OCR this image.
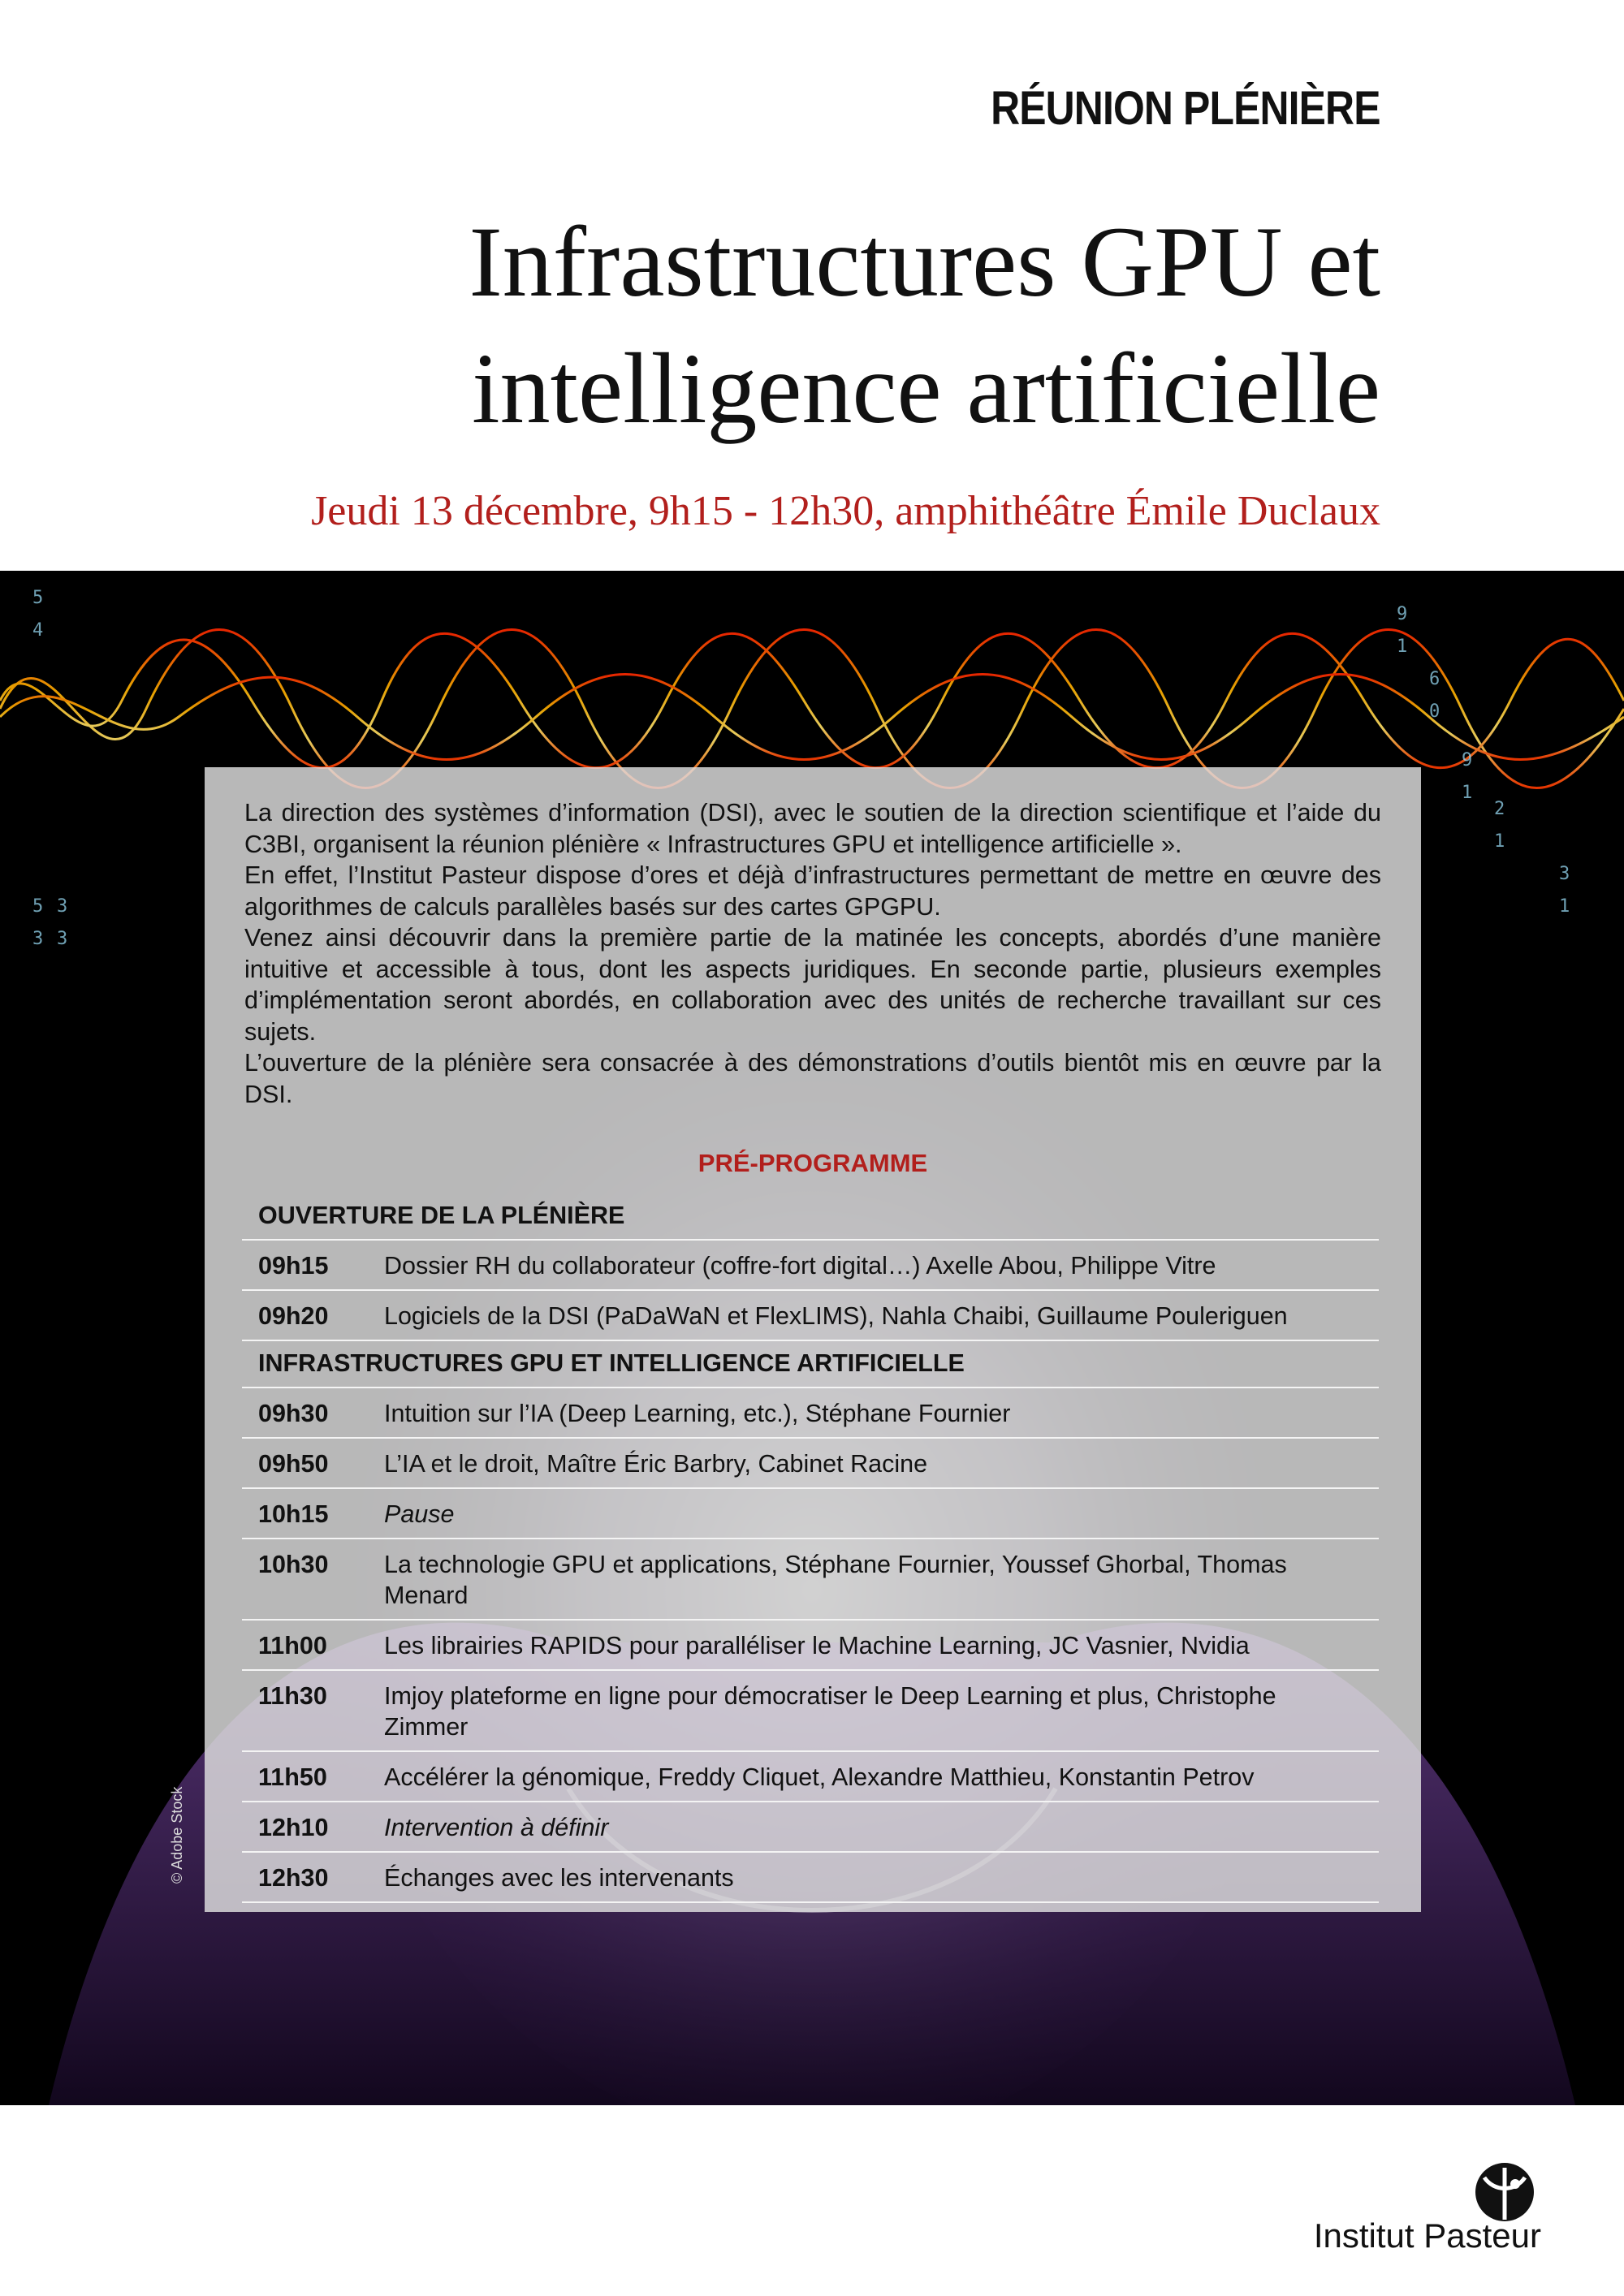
RÉUNION PLÉNIÈRE
Infrastructures GPU et
intelligence artificielle
Jeudi 13 décembre, 9h15 - 12h30, amphithéâtre Émile Duclaux
5
4
5
3
3
3
9
1
6
0
9
1
2
1
3
1
© Adobe Stock

La direction des systèmes d’information (DSI), avec le soutien de la direction scientifique et l’aide du C3BI, organisent la réunion plénière « Infrastructures GPU et intelligence artificielle ».

En effet, l’Institut Pasteur dispose d’ores et déjà d’infrastructures permettant de mettre en œuvre des algorithmes de calculs parallèles basés sur des cartes GPGPU.

Venez ainsi découvrir dans la première partie de la matinée les concepts, abordés d’une manière intuitive et accessible à tous, dont les aspects juridiques. En seconde partie, plusieurs exemples d’implémentation seront abordés, en collaboration avec des unités de recherche travaillant sur ces sujets.

L’ouverture de la plénière sera consacrée à des démonstrations d’outils bientôt mis en œuvre par la DSI.

PRÉ-PROGRAMME
OUVERTURE DE LA PLÉNIÈRE
09h15	Dossier RH du collaborateur (coffre-fort digital…) Axelle Abou, Philippe Vitre
09h20	Logiciels de la DSI (PaDaWaN et FlexLIMS), Nahla Chaibi, Guillaume Pouleriguen
INFRASTRUCTURES GPU ET INTELLIGENCE ARTIFICIELLE
09h30	Intuition sur l’IA (Deep Learning, etc.), Stéphane Fournier
09h50	L’IA et le droit, Maître Éric Barbry, Cabinet Racine
10h15	Pause
10h30	La technologie GPU et applications, Stéphane Fournier, Youssef Ghorbal, Thomas Menard
11h00	Les librairies RAPIDS pour paralléliser le Machine Learning, JC Vasnier, Nvidia
11h30	Imjoy plateforme en ligne pour démocratiser le Deep Learning et plus, Christophe Zimmer
11h50	Accélérer la génomique, Freddy Cliquet, Alexandre Matthieu, Konstantin Petrov
12h10	Intervention à définir
12h30	Échanges avec les intervenants
Institut Pasteur
